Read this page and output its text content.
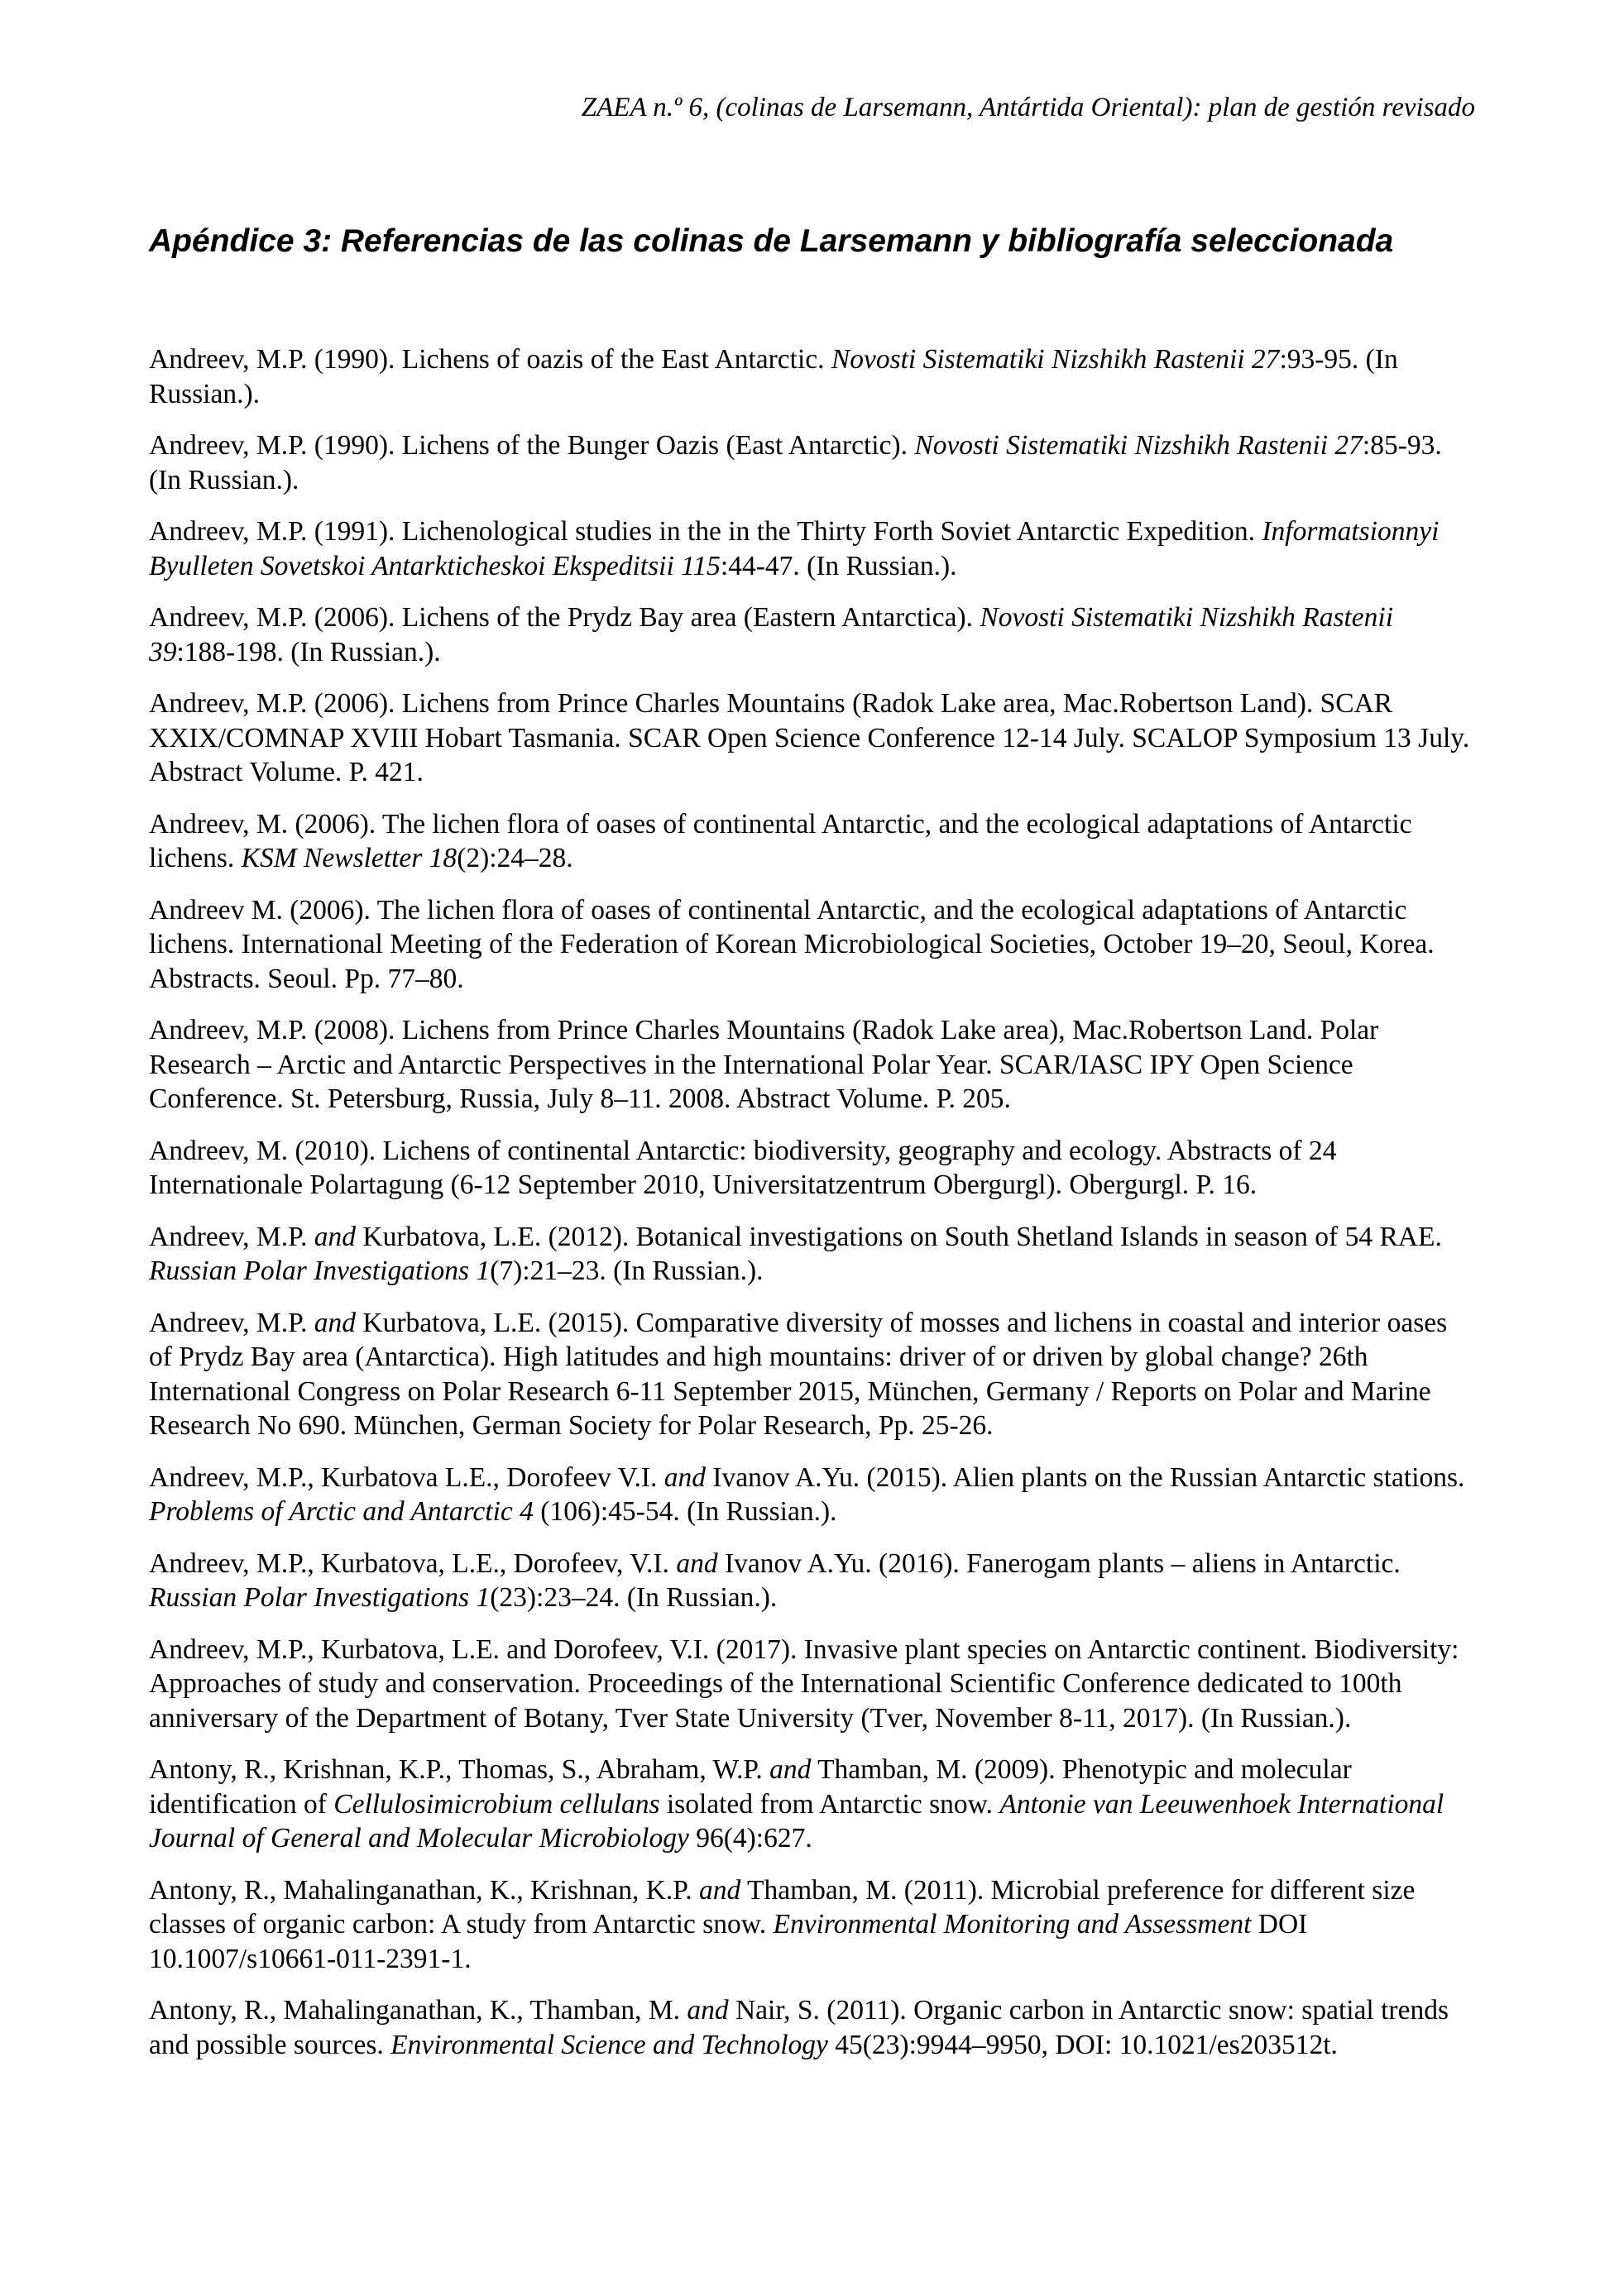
ZAEA n.º 6, (colinas de Larsemann, Antártida Oriental): plan de gestión revisado

Apéndice 3: Referencias de las colinas de Larsemann y bibliografía seleccionada

Andreev, M.P. (1990). Lichens of oazis of the East Antarctic. Novosti Sistematiki Nizshikh Rastenii 27:93-95. (In Russian.).

Andreev, M.P. (1990). Lichens of the Bunger Oazis (East Antarctic). Novosti Sistematiki Nizshikh Rastenii 27:85-93. (In Russian.).

Andreev, M.P. (1991). Lichenological studies in the in the Thirty Forth Soviet Antarctic Expedition. Informatsionnyi Byulleten Sovetskoi Antarkticheskoi Ekspeditsii 115:44-47. (In Russian.).

Andreev, M.P. (2006). Lichens of the Prydz Bay area (Eastern Antarctica). Novosti Sistematiki Nizshikh Rastenii 39:188-198. (In Russian.).

Andreev, M.P. (2006). Lichens from Prince Charles Mountains (Radok Lake area, Mac.Robertson Land). SCAR XXIX/COMNAP XVIII Hobart Tasmania. SCAR Open Science Conference 12-14 July. SCALOP Symposium 13 July. Abstract Volume. P. 421.

Andreev, M. (2006). The lichen flora of oases of continental Antarctic, and the ecological adaptations of Antarctic lichens. KSM Newsletter 18(2):24–28.

Andreev M. (2006). The lichen flora of oases of continental Antarctic, and the ecological adaptations of Antarctic lichens. International Meeting of the Federation of Korean Microbiological Societies, October 19–20, Seoul, Korea. Abstracts. Seoul. Pp. 77–80.

Andreev, M.P. (2008). Lichens from Prince Charles Mountains (Radok Lake area), Mac.Robertson Land. Polar Research – Arctic and Antarctic Perspectives in the International Polar Year. SCAR/IASC IPY Open Science Conference. St. Petersburg, Russia, July 8–11. 2008. Abstract Volume. P. 205.

Andreev, M. (2010). Lichens of continental Antarctic: biodiversity, geography and ecology. Abstracts of 24 Internationale Polartagung (6-12 September 2010, Universitatzentrum Obergurgl). Obergurgl. P. 16.

Andreev, M.P. and Kurbatova, L.E. (2012). Botanical investigations on South Shetland Islands in season of 54 RAE. Russian Polar Investigations 1(7):21–23. (In Russian.).

Andreev, M.P. and Kurbatova, L.E. (2015). Comparative diversity of mosses and lichens in coastal and interior oases of Prydz Bay area (Antarctica). High latitudes and high mountains: driver of or driven by global change? 26th International Congress on Polar Research 6-11 September 2015, München, Germany / Reports on Polar and Marine Research No 690. München, German Society for Polar Research, Pp. 25-26.

Andreev, M.P., Kurbatova L.E., Dorofeev V.I. and Ivanov A.Yu. (2015). Alien plants on the Russian Antarctic stations. Problems of Arctic and Antarctic 4 (106):45-54. (In Russian.).

Andreev, M.P., Kurbatova, L.E., Dorofeev, V.I. and Ivanov A.Yu. (2016). Fanerogam plants – aliens in Antarctic. Russian Polar Investigations 1(23):23–24. (In Russian.).

Andreev, M.P., Kurbatova, L.E. and Dorofeev, V.I. (2017). Invasive plant species on Antarctic continent. Biodiversity: Approaches of study and conservation. Proceedings of the International Scientific Conference dedicated to 100th anniversary of the Department of Botany, Tver State University (Tver, November 8-11, 2017). (In Russian.).

Antony, R., Krishnan, K.P., Thomas, S., Abraham, W.P. and Thamban, M. (2009). Phenotypic and molecular identification of Cellulosimicrobium cellulans isolated from Antarctic snow. Antonie van Leeuwenhoek International Journal of General and Molecular Microbiology 96(4):627.

Antony, R., Mahalinganathan, K., Krishnan, K.P. and Thamban, M. (2011). Microbial preference for different size classes of organic carbon: A study from Antarctic snow. Environmental Monitoring and Assessment DOI 10.1007/s10661-011-2391-1.

Antony, R., Mahalinganathan, K., Thamban, M. and Nair, S. (2011). Organic carbon in Antarctic snow: spatial trends and possible sources. Environmental Science and Technology 45(23):9944–9950, DOI: 10.1021/es203512t.
